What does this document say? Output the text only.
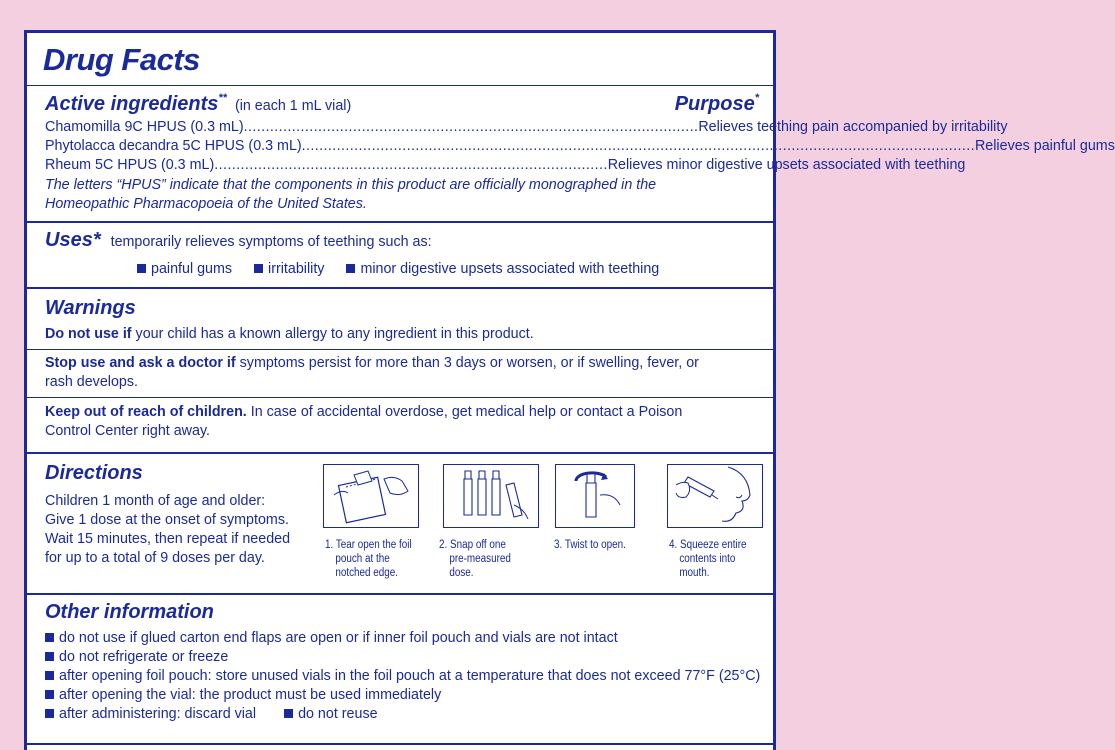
Drug Facts
Active ingredients** (in each 1 mL vial)	Purpose*
Chamomilla 9C HPUS (0.3 mL) ........................................................................................................ Relieves teething pain accompanied by irritability
Phytolacca decandra 5C HPUS (0.3 mL) .......................................................................................................................................................... Relieves painful gums
Rheum 5C HPUS (0.3 mL) .......................................................................................... Relieves minor digestive upsets associated with teething
The letters “HPUS” indicate that the components in this product are officially monographed in the
Homeopathic Pharmacopoeia of the United States.
Uses* temporarily relieves symptoms of teething such as:
painful gums	irritability	minor digestive upsets associated with teething
Warnings
Do not use if your child has a known allergy to any ingredient in this product.
Stop use and ask a doctor if symptoms persist for more than 3 days or worsen, or if swelling, fever, or
rash develops.
Keep out of reach of children. In case of accidental overdose, get medical help or contact a Poison
Control Center right away.
Directions
Children 1 month of age and older:
Give 1 dose at the onset of symptoms.
Wait 15 minutes, then repeat if needed
for up to a total of 9 doses per day.
1. Tear open the foil
pouch at the
notched edge.
2. Snap off one
pre-measured
dose.
3. Twist to open.	4. Squeeze entire
contents into
mouth.
Other information
do not use if glued carton end flaps are open or if inner foil pouch and vials are not intact
do not refrigerate or freeze
after opening foil pouch: store unused vials in the foil pouch at a temperature that does not exceed 77°F (25°C)
after opening the vial: the product must be used immediately
after administering: discard vial	do not reuse
